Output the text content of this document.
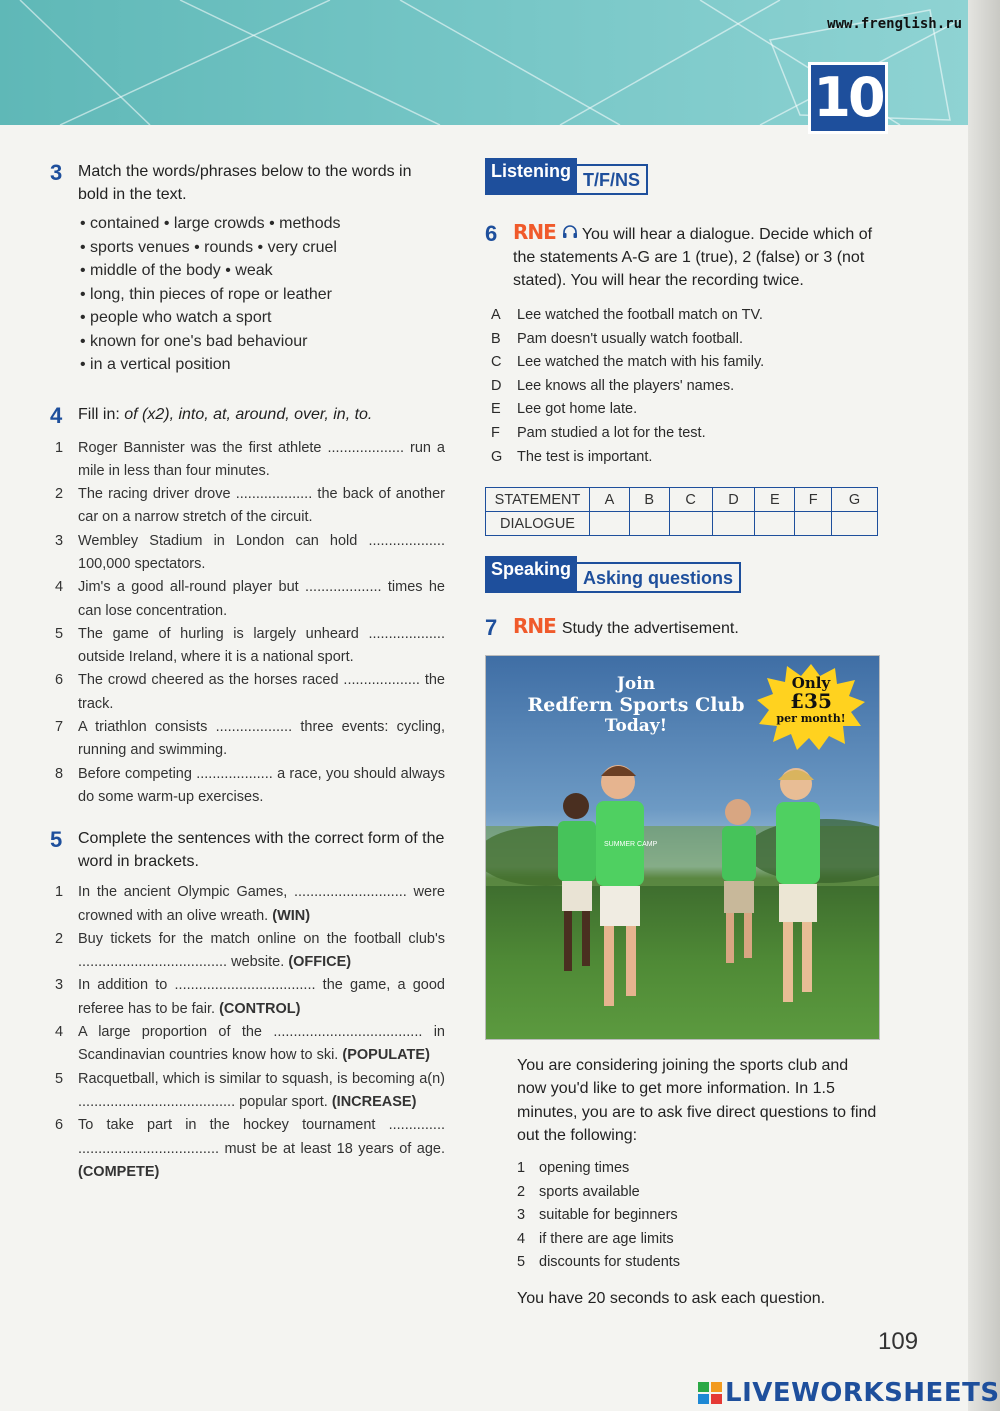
www.frenglish.ru
10
3 Match the words/phrases below to the words in bold in the text.
• contained • large crowds • methods
• sports venues • rounds • very cruel
• middle of the body • weak
• long, thin pieces of rope or leather
• people who watch a sport
• known for one's bad behaviour
• in a vertical position
4 Fill in: of (x2), into, at, around, over, in, to.
1	Roger Bannister was the first athlete ................... run a mile in less than four minutes.
2	The racing driver drove ................... the back of another car on a narrow stretch of the circuit.
3	Wembley Stadium in London can hold ................... 100,000 spectators.
4	Jim's a good all-round player but ................... times he can lose concentration.
5	The game of hurling is largely unheard ................... outside Ireland, where it is a national sport.
6	The crowd cheered as the horses raced ................... the track.
7	A triathlon consists ................... three events: cycling, running and swimming.
8	Before competing ................... a race, you should always do some warm-up exercises.
5 Complete the sentences with the correct form of the word in brackets.
1	In the ancient Olympic Games, ............................ were crowned with an olive wreath. (WIN)
2	Buy tickets for the match online on the football club's ..................................... website. (OFFICE)
3	In addition to ................................... the game, a good referee has to be fair. (CONTROL)
4	A large proportion of the ..................................... in Scandinavian countries know how to ski. (POPULATE)
5	Racquetball, which is similar to squash, is becoming a(n) ....................................... popular sport. (INCREASE)
6	To take part in the hockey tournament .............. ................................... must be at least 18 years of age. (COMPETE)
Listening T/F/NS
6 RNE You will hear a dialogue. Decide which of the statements A-G are 1 (true), 2 (false) or 3 (not stated). You will hear the recording twice.
A	Lee watched the football match on TV.
B	Pam doesn't usually watch football.
C	Lee watched the match with his family.
D	Lee knows all the players' names.
E	Lee got home late.
F	Pam studied a lot for the test.
G	The test is important.
STATEMENT	A	B	C	D	E	F	G
DIALOGUE							
Speaking Asking questions
7 RNE Study the advertisement.
SUMMER CAMP
Join
Redfern Sports Club
Today!
Only
£35
per month!
You are considering joining the sports club and now you'd like to get more information. In 1.5 minutes, you are to ask five direct questions to find out the following:
1 opening times
2 sports available
3 suitable for beginners
4 if there are age limits
5 discounts for students
You have 20 seconds to ask each question.
109
LIVEWORKSHEETS
